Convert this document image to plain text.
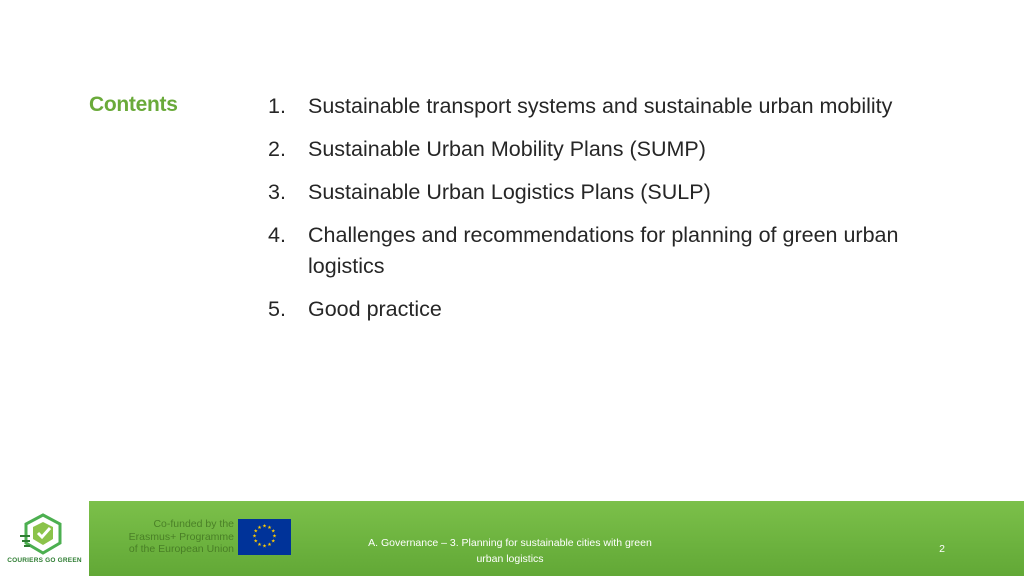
Contents	1.	Sustainable transport systems and sustainable urban mobility
2.	Sustainable Urban Mobility Plans (SUMP)
3.	Sustainable Urban Logistics Plans (SULP)
4.	Challenges and recommendations for planning of green urban logistics
5.	Good practice
COURIERS GO GREEN
Co-funded by the
Erasmus+ Programme
of the European Union
★ ★
★
★
★
★
★
★
★
★
★
★
A. Governance – 3. Planning for sustainable cities with green
urban logistics
2
